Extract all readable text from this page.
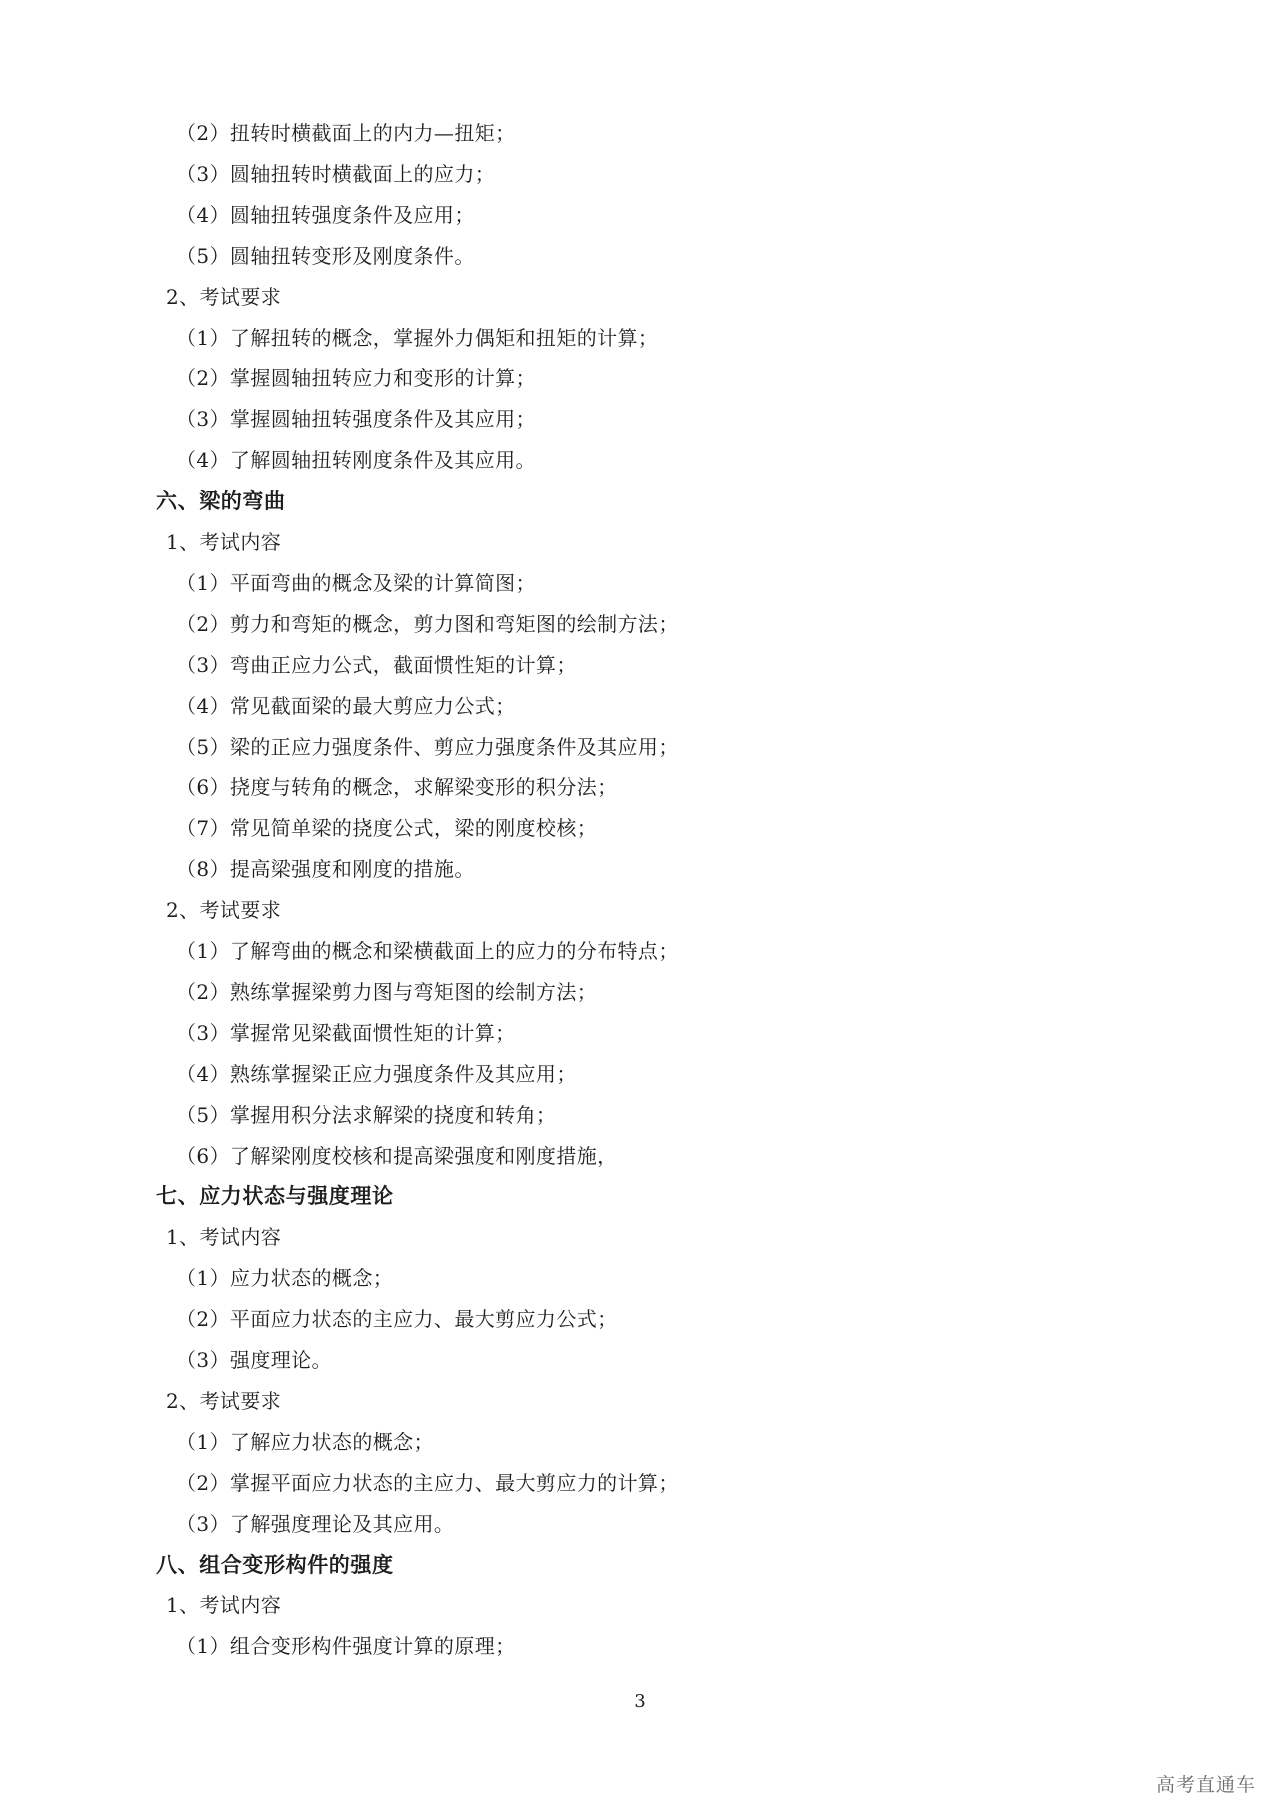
（2）扭转时横截面上的内力—扭矩；
（3）圆轴扭转时横截面上的应力；
（4）圆轴扭转强度条件及应用；
（5）圆轴扭转变形及刚度条件。
2、考试要求
（1）了解扭转的概念，掌握外力偶矩和扭矩的计算；
（2）掌握圆轴扭转应力和变形的计算；
（3）掌握圆轴扭转强度条件及其应用；
（4）了解圆轴扭转刚度条件及其应用。
六、梁的弯曲
1、考试内容
（1）平面弯曲的概念及梁的计算简图；
（2）剪力和弯矩的概念，剪力图和弯矩图的绘制方法；
（3）弯曲正应力公式，截面惯性矩的计算；
（4）常见截面梁的最大剪应力公式；
（5）梁的正应力强度条件、剪应力强度条件及其应用；
（6）挠度与转角的概念，求解梁变形的积分法；
（7）常见简单梁的挠度公式，梁的刚度校核；
（8）提高梁强度和刚度的措施。
2、考试要求
（1）了解弯曲的概念和梁横截面上的应力的分布特点；
（2）熟练掌握梁剪力图与弯矩图的绘制方法；
（3）掌握常见梁截面惯性矩的计算；
（4）熟练掌握梁正应力强度条件及其应用；
（5）掌握用积分法求解梁的挠度和转角；
（6）了解梁刚度校核和提高梁强度和刚度措施，
七、应力状态与强度理论
1、考试内容
（1）应力状态的概念；
（2）平面应力状态的主应力、最大剪应力公式；
（3）强度理论。
2、考试要求
（1）了解应力状态的概念；
（2）掌握平面应力状态的主应力、最大剪应力的计算；
（3）了解强度理论及其应用。
八、组合变形构件的强度
1、考试内容
（1）组合变形构件强度计算的原理；
3
高考直通车
